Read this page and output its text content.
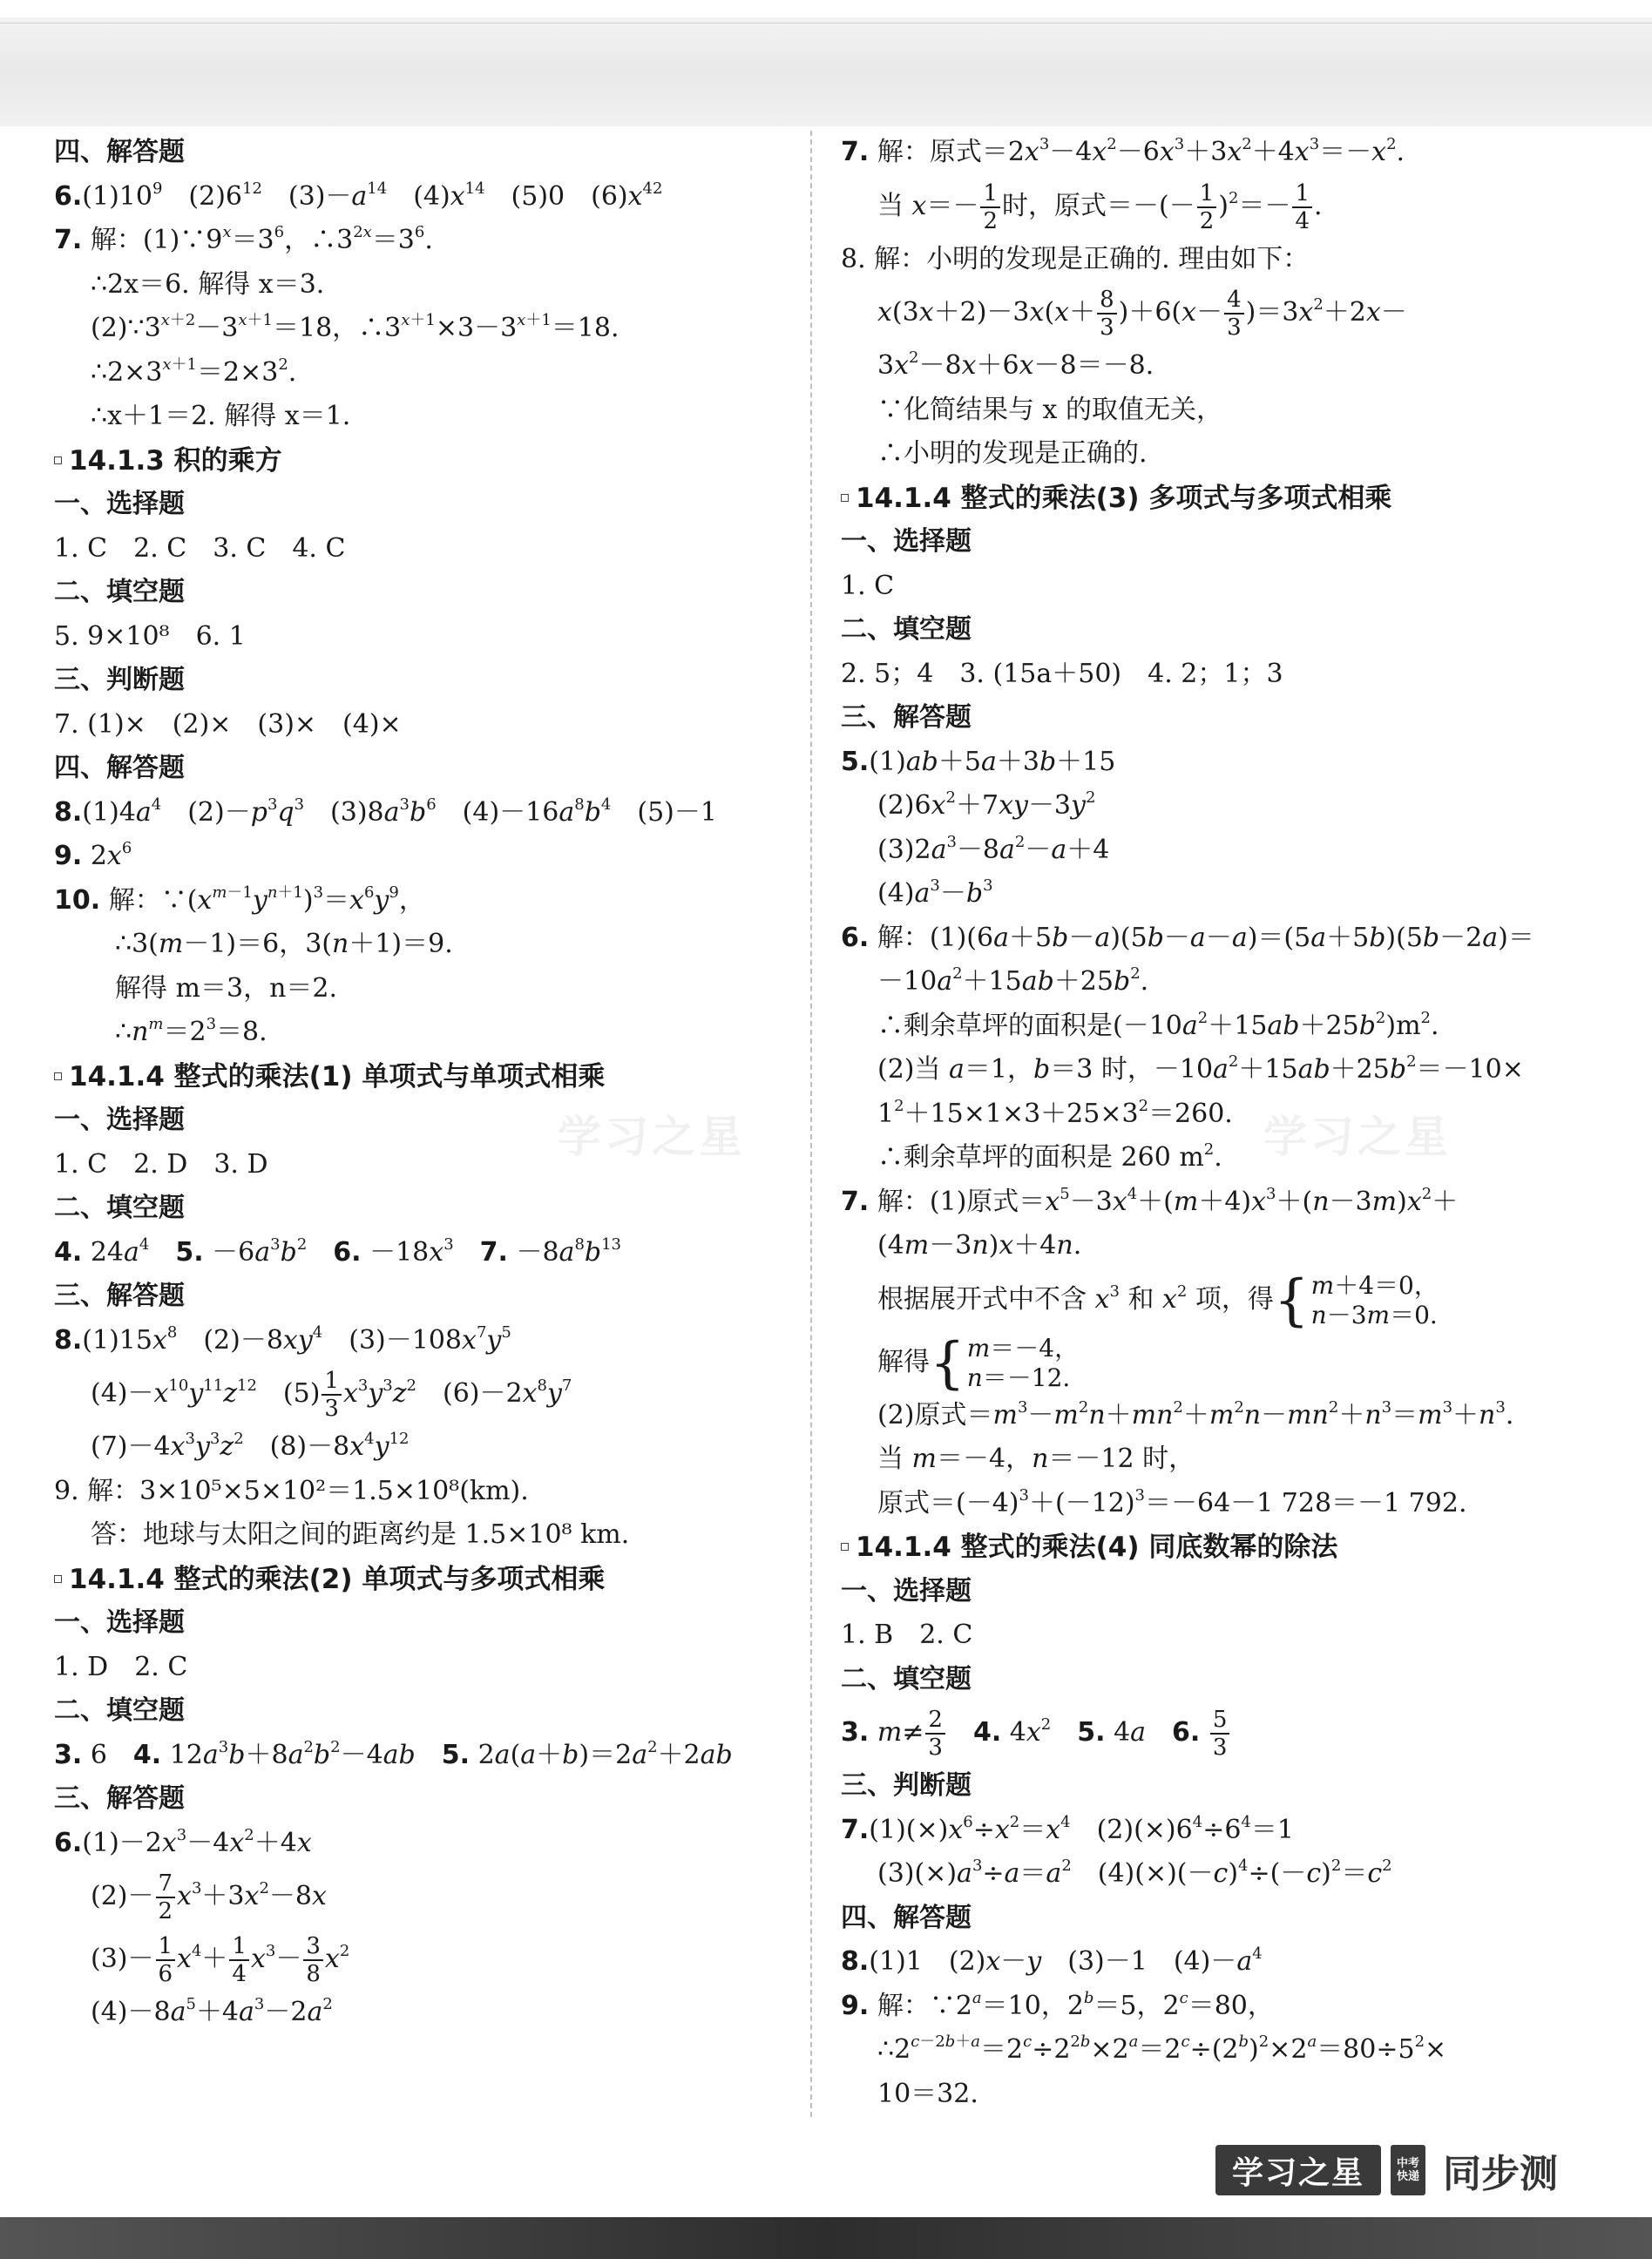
学习之星	学习之星
四、解答题
$6.(1)10^9$　$(2)6^{12}$　$(3)-a^{14}$　$(4)x^{14}$　(5)0　$(6)x^{42}$
7. 解：$(1)\because 9^x=3^6$，$\therefore 3^{2x}=3^6$.
∴2x＝6. 解得 x＝3.
$(2)\because 3^{x+2}-3^{x+1}=18$，$\therefore 3^{x+1}\times 3-3^{x+1}=18$.
$\therefore 2\times 3^{x+1}=2\times 3^2$.
∴x＋1＝2. 解得 x＝1.
14.1.3 积的乘方
一、选择题
1. C　2. C　3. C　4. C
二、填空题
5. 9×10⁸　6. 1
三、判断题
7. (1)×　(2)×　(3)×　(4)×
四、解答题
$8.(1)4a^4$　$(2)-p^3q^3$　$(3)8a^3b^6$　$(4)-16a^8b^4$　(5)－1
9. $2x^6$
10. 解：$\because(x^{m-1}y^{n+1})^3=x^6y^9$，
∴3(m－1)＝6，3(n＋1)＝9.
解得 m＝3，n＝2.
$\therefore n^m=2^3=8$.
14.1.4 整式的乘法(1) 单项式与单项式相乘
一、选择题
1. C　2. D　3. D
二、填空题
4. $24a^4$　 5. $-6a^3b^2$　 6. $-18x^3$　 7. $-8a^8b^{13}$
三、解答题
$8.(1)15x^8$　$(2)-8xy^4$　$(3)-108x^7y^5$
$(4)-x^{10}y^{11}z^{12}$　$(5) \frac{1}{3} x^3y^3z^2$　$(6)-2x^8y^7$
$(7)-4x^3y^3z^2$　$(8)-8x^4y^{12}$
9. 解：3×10⁵×5×10²＝1.5×10⁸(km).
答：地球与太阳之间的距离约是 1.5×10⁸ km.
14.1.4 整式的乘法(2) 单项式与多项式相乘
一、选择题
1. D　2. C
二、填空题
3. 6　4. $12a^3b+8a^2b^2-4ab$　 5. $2a(a+b)=2a^2+2ab$
三、解答题
$6.(1)-2x^3-4x^2+4x$
$(2)- \frac{7}{2} x^3+3x^2-8x$
$(3)- \frac{1}{6} x^4+ \frac{1}{4} x^3- \frac{3}{8} x^2$
$(4)-8a^5+4a^3-2a^2$
7. 解：原式$=2x^3-4x^2-6x^3+3x^2+4x^3=-x^2$.
当 $x=- \frac{1}{2}$ 时，原式＝－(－ $\frac{1}{2} )^2=- \frac{1}{4}$ .
8. 解：小明的发现是正确的. 理由如下：
$x(3x+2)-3x(x+ \frac{8}{3} )+6(x- \frac{4}{3} )=3x^2+2x-$
$3x^2-8x+6x-8=-8$.
∵化简结果与 x 的取值无关，
∴小明的发现是正确的.
14.1.4 整式的乘法(3) 多项式与多项式相乘
一、选择题
1. C
二、填空题
2. 5；4　3. (15a＋50)　4. 2；1；3
三、解答题
5.(1)ab＋5a＋3b＋15
$(2)6x^2+7xy-3y^2$
$(3)2a^3-8a^2-a+4$
$(4)a^3-b^3$
6. 解：(1)(6a＋5b－a)(5b－a－a)＝(5a＋5b)(5b－2a)＝
$-10a^2+15ab+25b^2$.
∴剩余草坪的面积是$(-10a^2+15ab+25b^2)m^2$.
(2)当 a＝1，b＝3 时，$-10a^2+15ab+25b^2=-10\times$
$1^2+15\times 1\times 3+25\times 3^2=260$.
∴剩余草坪的面积是 260 $m^2$.
7. 解：(1)原式$=x^5-3x^4+(m+4)x^3+(n-3m)x^2+$
(4m－3n)x＋4n.
根据展开式中不含 $x^3$ 和 $x^2$ 项，得 { m＋4＝0，
n－3m＝0.
解得 { m＝－4，
n＝－12.
(2)原式$=m^3-m^2n+mn^2+m^2n-mn^2+n^3=m^3+n^3$.
当 m＝－4，n＝－12 时，
原式$=(-4)^3+(-12)^3=-64-1$ 728＝－1 792.
14.1.4 整式的乘法(4) 同底数幂的除法
一、选择题
1. B　2. C
二、填空题
3. $m\ne \frac{2}{3}$
　 4. $4x^2$　 5. 4a　 6. $\frac{5}{3}$
三、判断题
$7.(1)(\times)x^6\div x^2=x^4$　$(2)(\times)6^4\div 6^4=1$
$(3)(\times)a^3\div a=a^2$　$(4)(\times)(-c)^4\div(-c)^2=c^2$
四、解答题
8.(1)1　(2)x－y　(3)－1　$(4)-a^4$
9. 解：$\because 2^a=10$，$2^b=5$，$2^c=80$，
$\therefore 2^{c-2b+a}=2^c\div 2^{2b}\times 2^a=2^c\div(2^b)^2\times 2^a=80\div 5^2\times$
10＝32.
学习之星	中考
快递 同步测
